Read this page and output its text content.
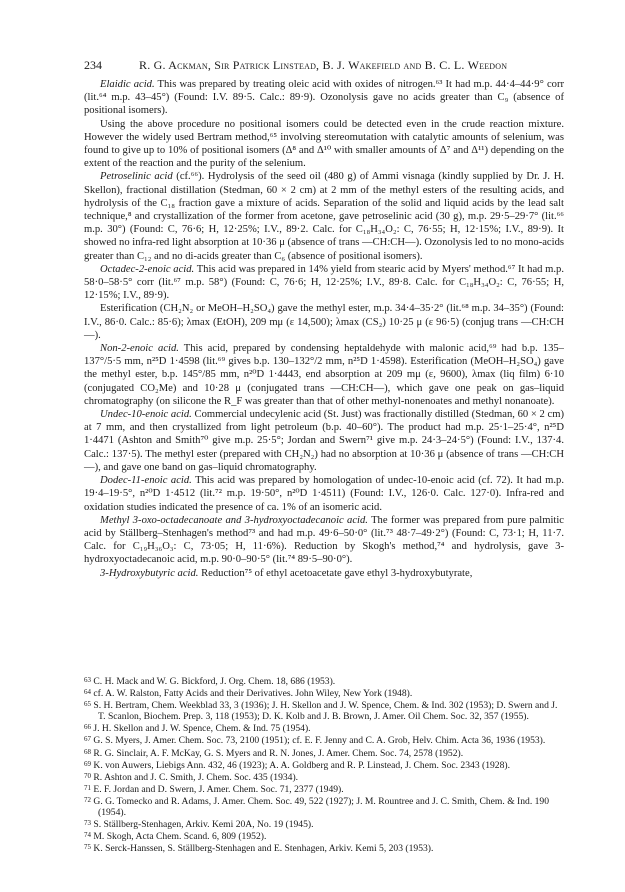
234	R. G. Ackman, Sir Patrick Linstead, B. J. Wakefield and B. C. L. Weedon

Elaidic acid. This was prepared by treating oleic acid with oxides of nitrogen.⁶³ It had m.p. 44·4–44·9° corr (lit.⁶⁴ m.p. 43–45°) (Found: I.V. 89·5. Calc.: 89·9). Ozonolysis gave no acids greater than C₉ (absence of positional isomers).

Using the above procedure no positional isomers could be detected even in the crude reaction mixture. However the widely used Bertram method,⁶⁵ involving stereomutation with catalytic amounts of selenium, was found to give up to 10% of positional isomers (Δ⁸ and Δ¹⁰ with smaller amounts of Δ⁷ and Δ¹¹) depending on the extent of the reaction and the purity of the selenium.

Petroselinic acid (cf.⁶⁶). Hydrolysis of the seed oil (480 g) of Ammi visnaga (kindly supplied by Dr. J. H. Skellon), fractional distillation (Stedman, 60 × 2 cm) at 2 mm of the methyl esters of the resulting acids, and hydrolysis of the C₁₈ fraction gave a mixture of acids. Separation of the solid and liquid acids by the lead salt technique,⁸ and crystallization of the former from acetone, gave petroselinic acid (30 g), m.p. 29·5–29·7° (lit.⁶⁶ m.p. 30°) (Found: C, 76·6; H, 12·25%; I.V., 89·2. Calc. for C₁₈H₃₄O₂: C, 76·55; H, 12·15%; I.V., 89·9). It showed no infra-red light absorption at 10·36 μ (absence of trans —CH:CH—). Ozonolysis led to no mono-acids greater than C₁₂ and no di-acids greater than C₆ (absence of positional isomers).

Octadec-2-enoic acid. This acid was prepared in 14% yield from stearic acid by Myers' method.⁶⁷ It had m.p. 58·0–58·5° corr (lit.⁶⁷ m.p. 58°) (Found: C, 76·6; H, 12·25%; I.V., 89·8. Calc. for C₁₈H₃₄O₂: C, 76·55; H, 12·15%; I.V., 89·9).

Esterification (CH₂N₂ or MeOH–H₂SO₄) gave the methyl ester, m.p. 34·4–35·2° (lit.⁶⁸ m.p. 34–35°) (Found: I.V., 86·0. Calc.: 85·6); λmax (EtOH), 209 mμ (ε 14,500); λmax (CS₂) 10·25 μ (ε 96·5) (conjug trans —CH:CH—).

Non-2-enoic acid. This acid, prepared by condensing heptaldehyde with malonic acid,⁶⁹ had b.p. 135–137°/5·5 mm, n²⁵D 1·4598 (lit.⁶⁹ gives b.p. 130–132°/2 mm, n²⁵D 1·4598). Esterification (MeOH–H₂SO₄) gave the methyl ester, b.p. 145°/85 mm, n²⁰D 1·4443, end absorption at 209 mμ (ε, 9600), λmax (liq film) 6·10 (conjugated CO₂Me) and 10·28 μ (conjugated trans —CH:CH—), which gave one peak on gas–liquid chromatography (on silicone the R_F was greater than that of other methyl-nonenoates and methyl nonanoate).

Undec-10-enoic acid. Commercial undecylenic acid (St. Just) was fractionally distilled (Stedman, 60 × 2 cm) at 7 mm, and then crystallized from light petroleum (b.p. 40–60°). The product had m.p. 25·1–25·4°, n²⁵D 1·4471 (Ashton and Smith⁷⁰ give m.p. 25·5°; Jordan and Swern⁷¹ give m.p. 24·3–24·5°) (Found: I.V., 137·4. Calc.: 137·5). The methyl ester (prepared with CH₂N₂) had no absorption at 10·36 μ (absence of trans —CH:CH—), and gave one band on gas–liquid chromatography.

Dodec-11-enoic acid. This acid was prepared by homologation of undec-10-enoic acid (cf. 72). It had m.p. 19·4–19·5°, n²⁰D 1·4512 (lit.⁷² m.p. 19·50°, n²⁰D 1·4511) (Found: I.V., 126·0. Calc. 127·0). Infra-red and oxidation studies indicated the presence of ca. 1% of an isomeric acid.

Methyl 3-oxo-octadecanoate and 3-hydroxyoctadecanoic acid. The former was prepared from pure palmitic acid by Ställberg–Stenhagen's method⁷³ and had m.p. 49·6–50·0° (lit.⁷³ 48·7–49·2°) (Found: C, 73·1; H, 11·7. Calc. for C₁₉H₃₆O₃: C, 73·05; H, 11·6%). Reduction by Skogh's method,⁷⁴ and hydrolysis, gave 3-hydroxyoctadecanoic acid, m.p. 90·0–90·5° (lit.⁷⁴ 89·5–90·0°).

3-Hydroxybutyric acid. Reduction⁷⁵ of ethyl acetoacetate gave ethyl 3-hydroxybutyrate,

$^{63}$ C. H. Mack and W. G. Bickford, J. Org. Chem. 18, 686 (1953).

$^{64}$ cf. A. W. Ralston, Fatty Acids and their Derivatives. John Wiley, New York (1948).

$^{65}$ S. H. Bertram, Chem. Weekblad 33, 3 (1936); J. H. Skellon and J. W. Spence, Chem. & Ind. 302 (1953); D. Swern and J. T. Scanlon, Biochem. Prep. 3, 118 (1953); D. K. Kolb and J. B. Brown, J. Amer. Oil Chem. Soc. 32, 357 (1955).

$^{66}$ J. H. Skellon and J. W. Spence, Chem. & Ind. 75 (1954).

$^{67}$ G. S. Myers, J. Amer. Chem. Soc. 73, 2100 (1951); cf. E. F. Jenny and C. A. Grob, Helv. Chim. Acta 36, 1936 (1953).

$^{68}$ R. G. Sinclair, A. F. McKay, G. S. Myers and R. N. Jones, J. Amer. Chem. Soc. 74, 2578 (1952).

$^{69}$ K. von Auwers, Liebigs Ann. 432, 46 (1923); A. A. Goldberg and R. P. Linstead, J. Chem. Soc. 2343 (1928).

$^{70}$ R. Ashton and J. C. Smith, J. Chem. Soc. 435 (1934).

$^{71}$ E. F. Jordan and D. Swern, J. Amer. Chem. Soc. 71, 2377 (1949).

$^{72}$ G. G. Tomecko and R. Adams, J. Amer. Chem. Soc. 49, 522 (1927); J. M. Rountree and J. C. Smith, Chem. & Ind. 190 (1954).

$^{73}$ S. Ställberg-Stenhagen, Arkiv. Kemi 20A, No. 19 (1945).

$^{74}$ M. Skogh, Acta Chem. Scand. 6, 809 (1952).

$^{75}$ K. Serck-Hanssen, S. Ställberg-Stenhagen and E. Stenhagen, Arkiv. Kemi 5, 203 (1953).
